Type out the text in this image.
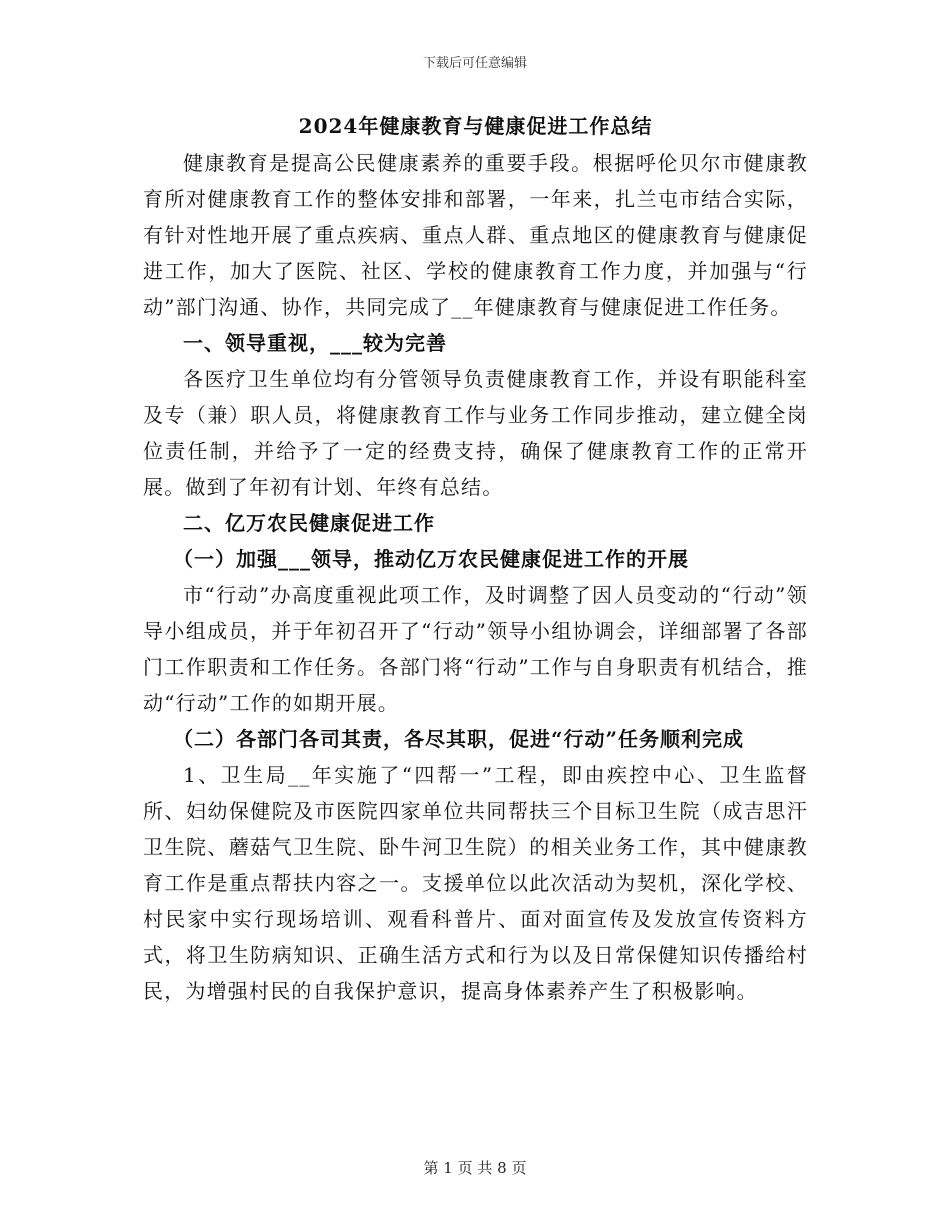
下载后可任意编辑
2024年健康教育与健康促进工作总结

健康教育是提高公民健康素养的重要手段。根据呼伦贝尔市健康教育所对健康教育工作的整体安排和部署，一年来，扎兰屯市结合实际，有针对性地开展了重点疾病、重点人群、重点地区的健康教育与健康促进工作，加大了医院、社区、学校的健康教育工作力度，并加强与“行动”部门沟通、协作，共同完成了__年健康教育与健康促进工作任务。

一、领导重视，___较为完善

各医疗卫生单位均有分管领导负责健康教育工作，并设有职能科室及专（兼）职人员，将健康教育工作与业务工作同步推动，建立健全岗位责任制，并给予了一定的经费支持，确保了健康教育工作的正常开展。做到了年初有计划、年终有总结。

二、亿万农民健康促进工作

（一）加强___领导，推动亿万农民健康促进工作的开展

市“行动”办高度重视此项工作，及时调整了因人员变动的“行动”领导小组成员，并于年初召开了“行动”领导小组协调会，详细部署了各部门工作职责和工作任务。各部门将“行动”工作与自身职责有机结合，推动“行动”工作的如期开展。

（二）各部门各司其责，各尽其职，促进“行动”任务顺利完成

1、卫生局__年实施了“四帮一”工程，即由疾控中心、卫生监督所、妇幼保健院及市医院四家单位共同帮扶三个目标卫生院（成吉思汗卫生院、蘑菇气卫生院、卧牛河卫生院）的相关业务工作，其中健康教育工作是重点帮扶内容之一。支援单位以此次活动为契机，深化学校、村民家中实行现场培训、观看科普片、面对面宣传及发放宣传资料方式，将卫生防病知识、正确生活方式和行为以及日常保健知识传播给村民，为增强村民的自我保护意识，提高身体素养产生了积极影响。

第 1 页 共 8 页
